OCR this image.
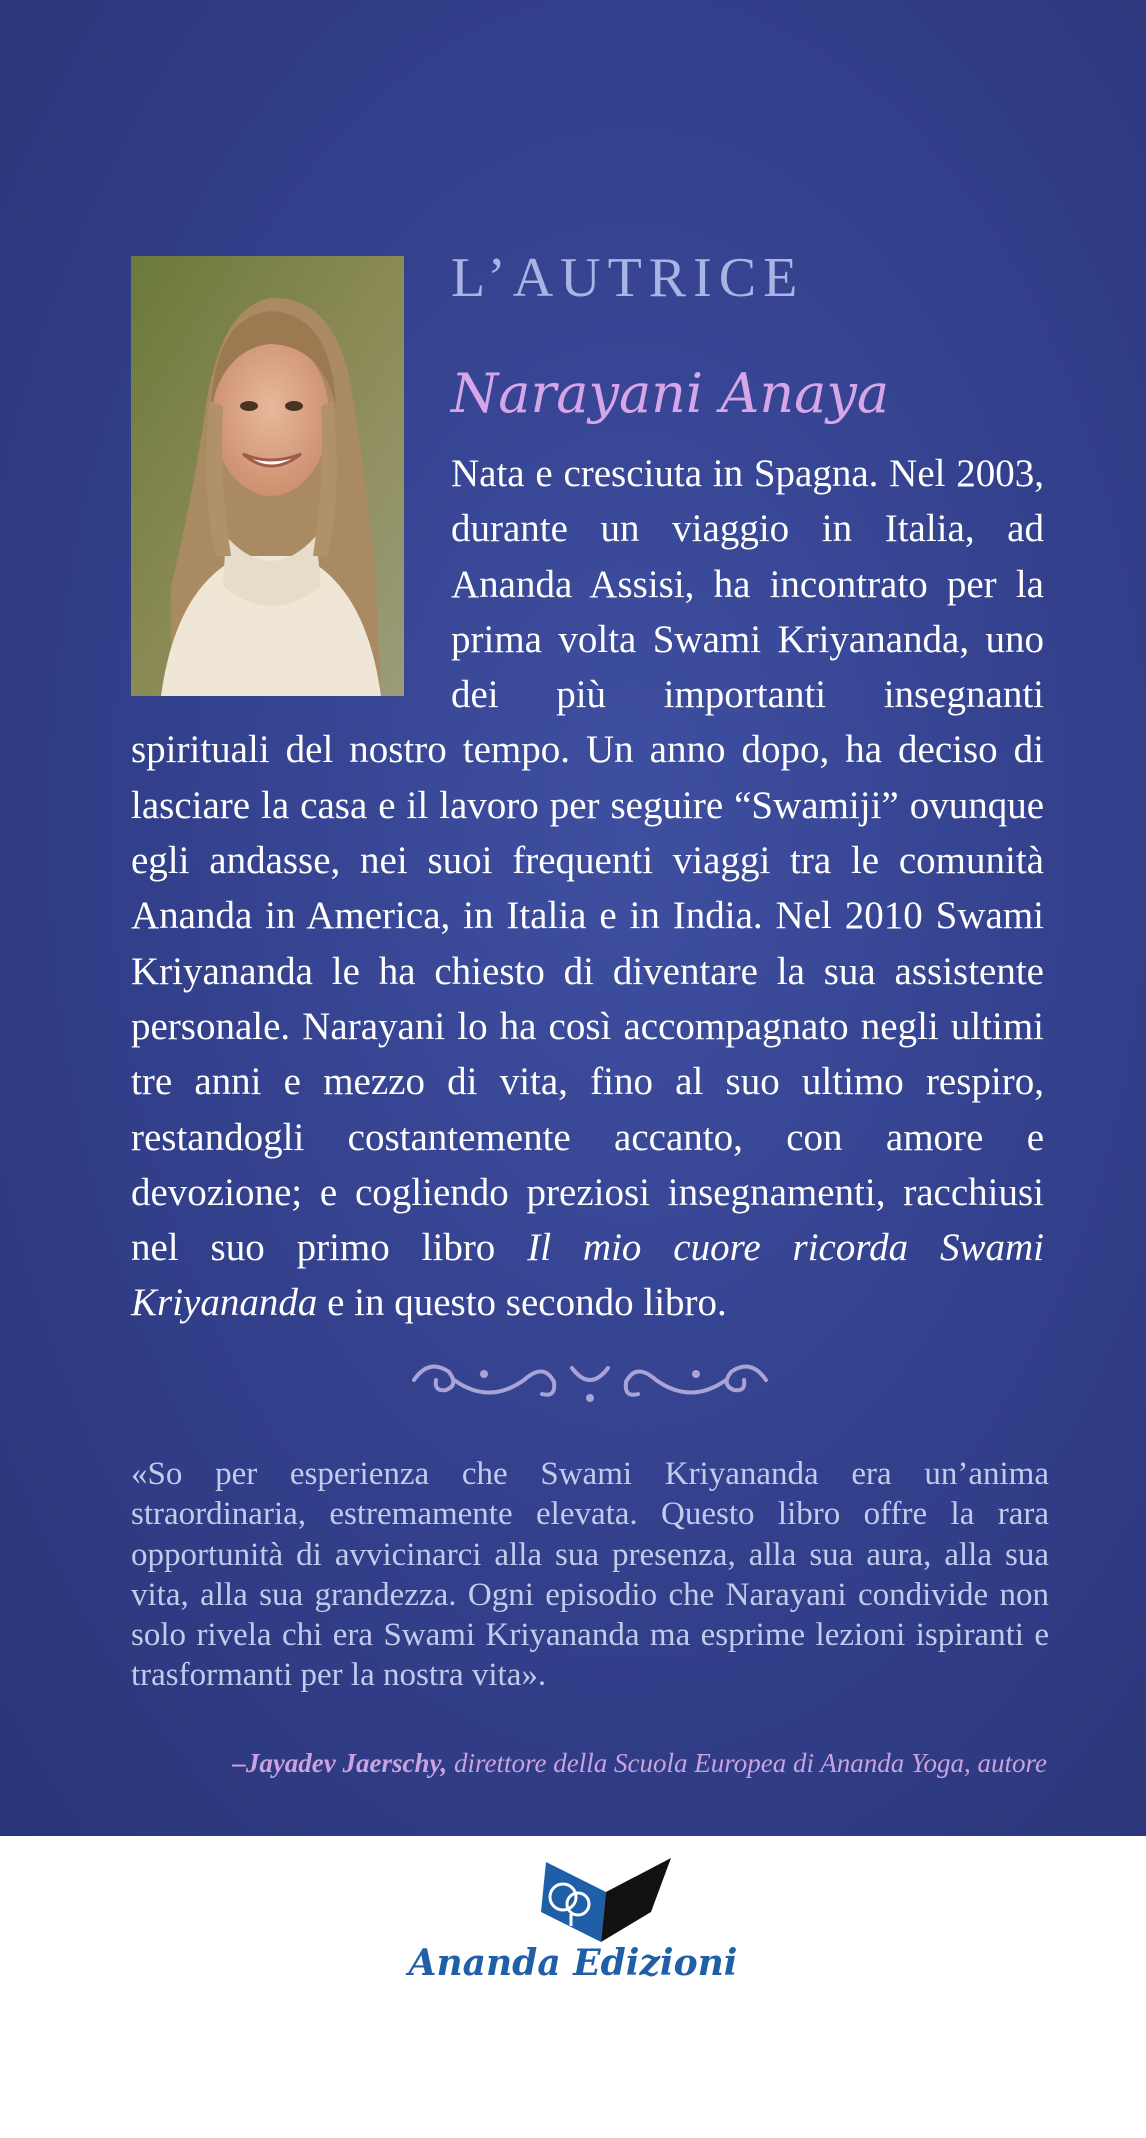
L’AUTRICE
Narayani Anaya

Nata e cresciuta in Spagna. Nel 2003, durante un viaggio in Italia, ad Ananda Assisi, ha incontrato per la prima volta Swami Kriyananda, uno dei più importanti insegnanti spirituali del nostro tempo. Un anno dopo, ha deciso di lasciare la casa e il lavoro per seguire “Swamiji” ovunque egli andasse, nei suoi frequenti viaggi tra le comunità Ananda in America, in Italia e in India. Nel 2010 Swami Kriyananda le ha chiesto di diventare la sua assistente personale. Narayani lo ha così accompagnato negli ultimi tre anni e mezzo di vita, fino al suo ultimo respiro, restandogli costantemente accanto, con amore e devozione; e cogliendo preziosi insegnamenti, racchiusi nel suo primo libro Il mio cuore ricorda Swami Kriyananda e in questo secondo libro.

«So per esperienza che Swami Kriyananda era un’anima straordinaria, estremamente elevata. Questo libro offre la rara opportunità di avvicinarci alla sua presenza, alla sua aura, alla sua vita, alla sua grandezza. Ogni episodio che Narayani condivide non solo rivela chi era Swami Kriyananda ma esprime lezioni ispiranti e trasformanti per la nostra vita».

–Jayadev Jaerschy, direttore della Scuola Europea di Ananda Yoga, autore

Ananda Edizioni
